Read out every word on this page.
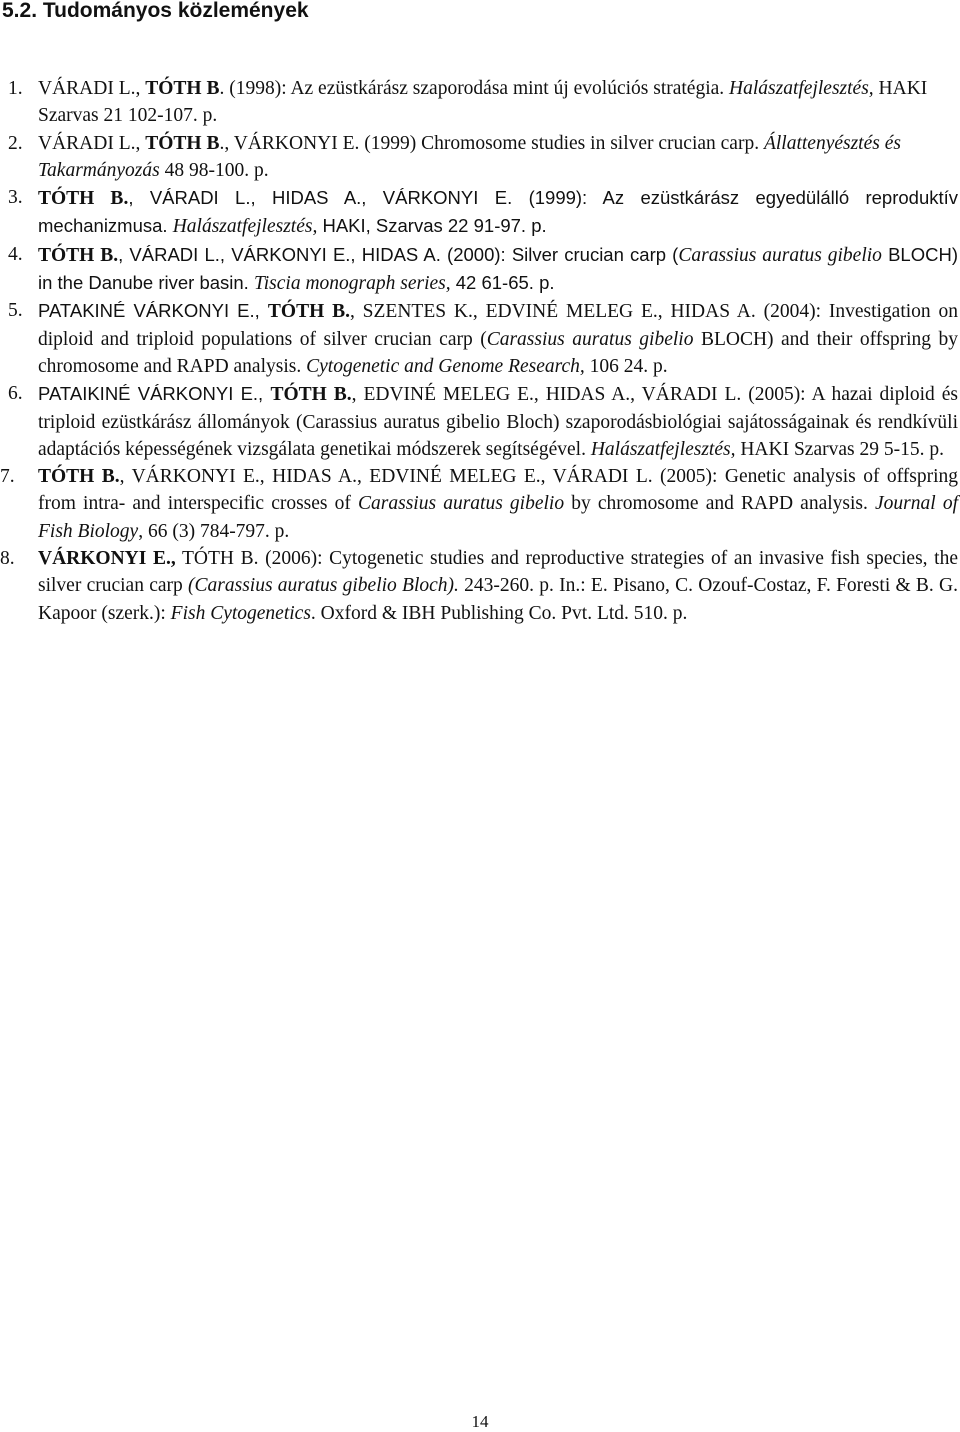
5.2. Tudományos közlemények
1. VÁRADI L., TÓTH B. (1998): Az ezüstkárász szaporodása mint új evolúciós stratégia. Halászatfejlesztés, HAKI Szarvas 21 102-107. p.
2. VÁRADI L., TÓTH B., VÁRKONYI E. (1999) Chromosome studies in silver crucian carp. Állattenyésztés és Takarmányozás 48 98-100. p.
3. TÓTH B., VÁRADI L., HIDAS A., VÁRKONYI E. (1999): Az ezüstkárász egyedülálló reproduktív mechanizmusa. Halászatfejlesztés, HAKI, Szarvas 22 91-97. p.
4. TÓTH B., VÁRADI L., VÁRKONYI E., HIDAS A. (2000): Silver crucian carp (Carassius auratus gibelio BLOCH) in the Danube river basin. Tiscia monograph series, 42 61-65. p.
5. PATAKINÉ VÁRKONYI E., TÓTH B., SZENTES K., EDVINÉ MELEG E., HIDAS A. (2004): Investigation on diploid and triploid populations of silver crucian carp (Carassius auratus gibelio BLOCH) and their offspring by chromosome and RAPD analysis. Cytogenetic and Genome Research, 106 24. p.
6. PATAIKINÉ VÁRKONYI E., TÓTH B., EDVINÉ MELEG E., HIDAS A., VÁRADI L. (2005): A hazai diploid és triploid ezüstkárász állományok (Carassius auratus gibelio Bloch) szaporodásbiológiai sajátosságainak és rendkívüli adaptációs képességének vizsgálata genetikai módszerek segítségével. Halászatfejlesztés, HAKI Szarvas 29 5-15. p.
7. TÓTH B., VÁRKONYI E., HIDAS A., EDVINÉ MELEG E., VÁRADI L. (2005): Genetic analysis of offspring from intra- and interspecific crosses of Carassius auratus gibelio by chromosome and RAPD analysis. Journal of Fish Biology, 66 (3) 784-797. p.
8. VÁRKONYI E., TÓTH B. (2006): Cytogenetic studies and reproductive strategies of an invasive fish species, the silver crucian carp (Carassius auratus gibelio Bloch). 243-260. p. In.: E. Pisano, C. Ozouf-Costaz, F. Foresti & B. G. Kapoor (szerk.): Fish Cytogenetics. Oxford & IBH Publishing Co. Pvt. Ltd. 510. p.
14
